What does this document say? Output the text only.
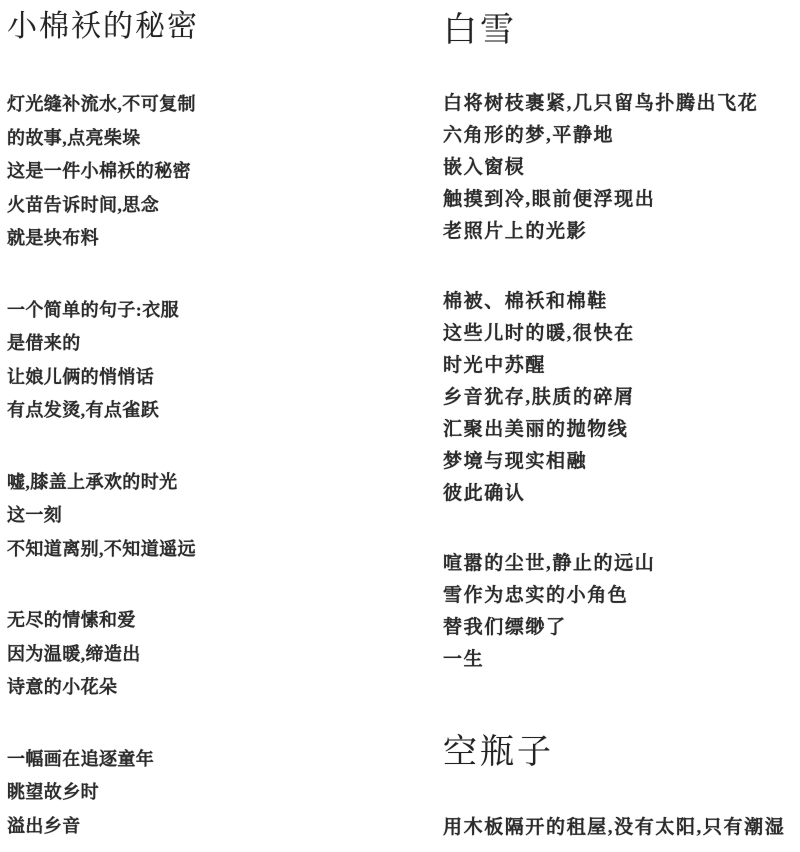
小棉袄的秘密

灯光缝补流水,不可复制

的故事,点亮柴垛

这是一件小棉袄的秘密

火苗告诉时间,思念

就是块布料

一个简单的句子:衣服

是借来的

让娘儿俩的悄悄话

有点发烫,有点雀跃

嘘,膝盖上承欢的时光

这一刻

不知道离别,不知道遥远

无尽的情愫和爱

因为温暖,缔造出

诗意的小花朵

一幅画在追逐童年

眺望故乡时

溢出乡音

白雪

白将树枝裹紧,几只留鸟扑腾出飞花

六角形的梦,平静地

嵌入窗棂

触摸到冷,眼前便浮现出

老照片上的光影

棉被、棉袄和棉鞋

这些儿时的暖,很快在

时光中苏醒

乡音犹存,肤质的碎屑

汇聚出美丽的抛物线

梦境与现实相融

彼此确认

喧嚣的尘世,静止的远山

雪作为忠实的小角色

替我们缥缈了

一生

空瓶子

用木板隔开的租屋,没有太阳,只有潮湿
